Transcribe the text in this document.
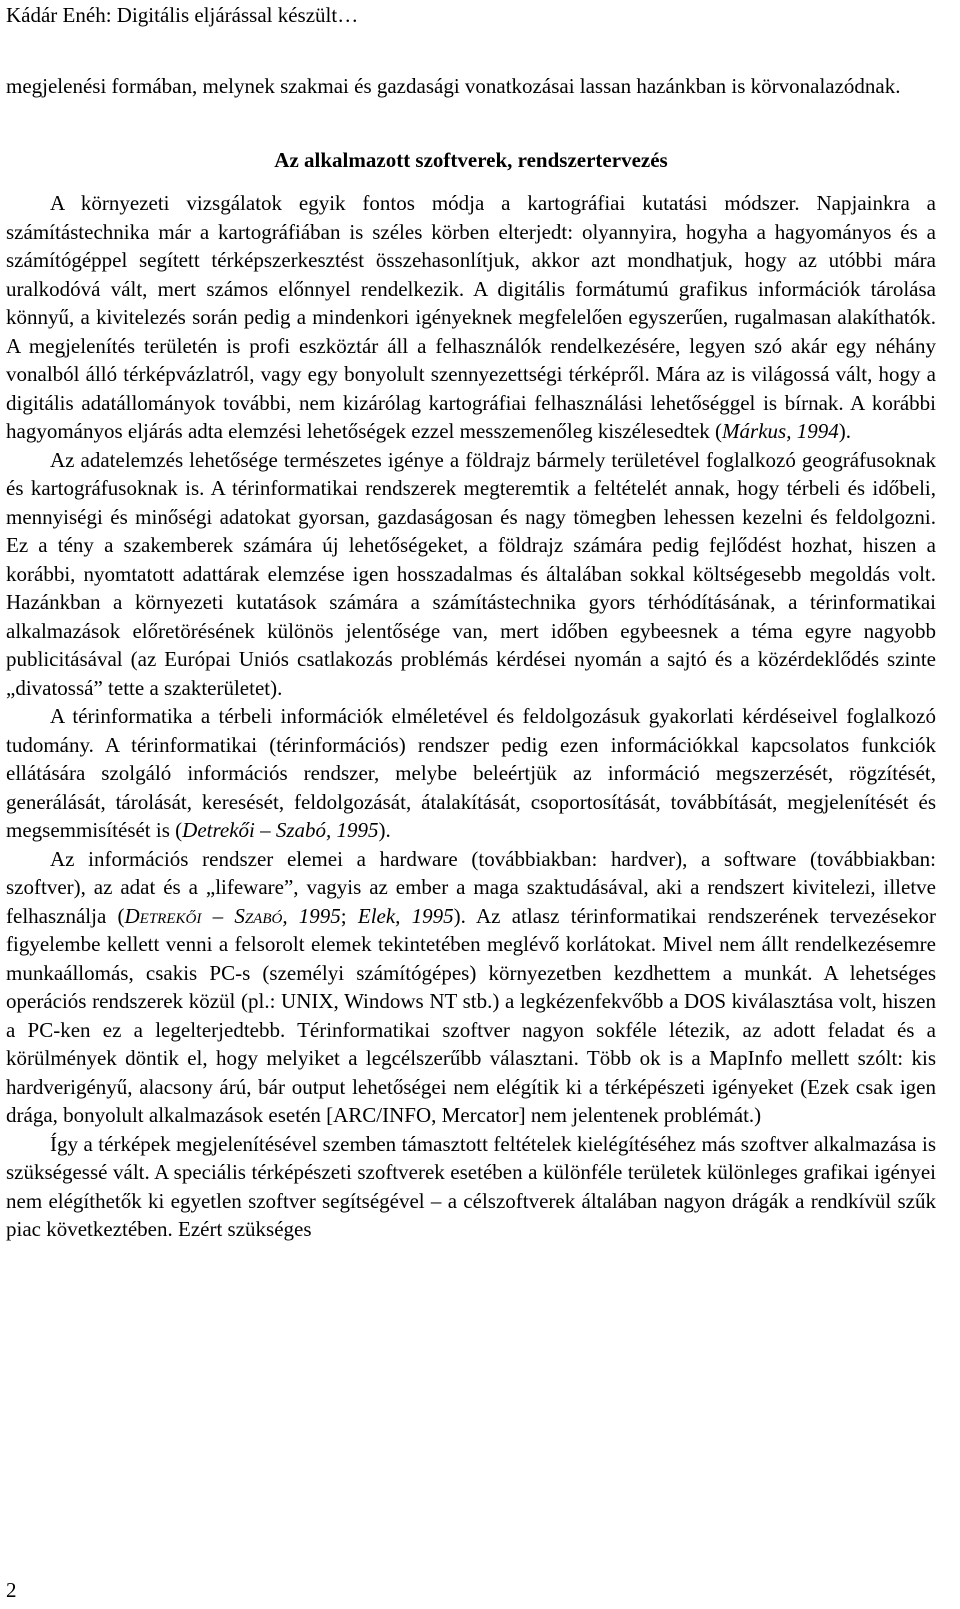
Kádár Enéh: Digitális eljárással készült…

megjelenési formában, melynek szakmai és gazdasági vonatkozásai lassan hazánkban is körvonalazódnak.

Az alkalmazott szoftverek, rendszertervezés

A környezeti vizsgálatok egyik fontos módja a kartográfiai kutatási módszer. Napjainkra a számítástechnika már a kartográfiában is széles körben elterjedt: olyannyira, hogyha a hagyományos és a számítógéppel segített térképszerkesztést összehasonlítjuk, akkor azt mondhatjuk, hogy az utóbbi mára uralkodóvá vált, mert számos előnnyel rendelkezik. A digitális formátumú grafikus információk tárolása könnyű, a kivitelezés során pedig a mindenkori igényeknek megfelelően egyszerűen, rugalmasan alakíthatók. A megjelenítés területén is profi eszköztár áll a felhasználók rendelkezésére, legyen szó akár egy néhány vonalból álló térképvázlatról, vagy egy bonyolult szennyezettségi térképről. Mára az is világossá vált, hogy a digitális adatállományok további, nem kizárólag kartográfiai felhasználási lehetőséggel is bírnak. A korábbi hagyományos eljárás adta elemzési lehetőségek ezzel messzemenőleg kiszélesedtek (Márkus, 1994).

Az adatelemzés lehetősége természetes igénye a földrajz bármely területével foglalkozó geográfusoknak és kartográfusoknak is. A térinformatikai rendszerek megteremtik a feltételét annak, hogy térbeli és időbeli, mennyiségi és minőségi adatokat gyorsan, gazdaságosan és nagy tömegben lehessen kezelni és feldolgozni. Ez a tény a szakemberek számára új lehetőségeket, a földrajz számára pedig fejlődést hozhat, hiszen a korábbi, nyomtatott adattárak elemzése igen hosszadalmas és általában sokkal költségesebb megoldás volt. Hazánkban a környezeti kutatások számára a számítástechnika gyors térhódításának, a térinformatikai alkalmazások előretörésének különös jelentősége van, mert időben egybeesnek a téma egyre nagyobb publicitásával (az Európai Uniós csatlakozás problémás kérdései nyomán a sajtó és a közérdeklődés szinte „divatossá” tette a szakterületet).

A térinformatika a térbeli információk elméletével és feldolgozásuk gyakorlati kérdéseivel foglalkozó tudomány. A térinformatikai (térinformációs) rendszer pedig ezen információkkal kapcsolatos funkciók ellátására szolgáló információs rendszer, melybe beleértjük az információ megszerzését, rögzítését, generálását, tárolását, keresését, feldolgozását, átalakítását, csoportosítását, továbbítását, megjelenítését és megsemmisítését is (Detrekői – Szabó, 1995).

Az információs rendszer elemei a hardware (továbbiakban: hardver), a software (továbbiakban: szoftver), az adat és a „lifeware”, vagyis az ember a maga szaktudásával, aki a rendszert kivitelezi, illetve felhasználja (Detrekői – Szabó, 1995; Elek, 1995). Az atlasz térinformatikai rendszerének tervezésekor figyelembe kellett venni a felsorolt elemek tekintetében meglévő korlátokat. Mivel nem állt rendelkezésemre munkaállomás, csakis PC-s (személyi számítógépes) környezetben kezdhettem a munkát. A lehetséges operációs rendszerek közül (pl.: UNIX, Windows NT stb.) a legkézenfekvőbb a DOS kiválasztása volt, hiszen a PC-ken ez a legelterjedtebb. Térinformatikai szoftver nagyon sokféle létezik, az adott feladat és a körülmények döntik el, hogy melyiket a legcélszerűbb választani. Több ok is a MapInfo mellett szólt: kis hardverigényű, alacsony árú, bár output lehetőségei nem elégítik ki a térképészeti igényeket (Ezek csak igen drága, bonyolult alkalmazások esetén [ARC/INFO, Mercator] nem jelentenek problémát.)

Így a térképek megjelenítésével szemben támasztott feltételek kielégítéséhez más szoftver alkalmazása is szükségessé vált. A speciális térképészeti szoftverek esetében a különféle területek különleges grafikai igényei nem elégíthetők ki egyetlen szoftver segítségével – a célszoftverek általában nagyon drágák a rendkívül szűk piac következtében. Ezért szükséges

2
